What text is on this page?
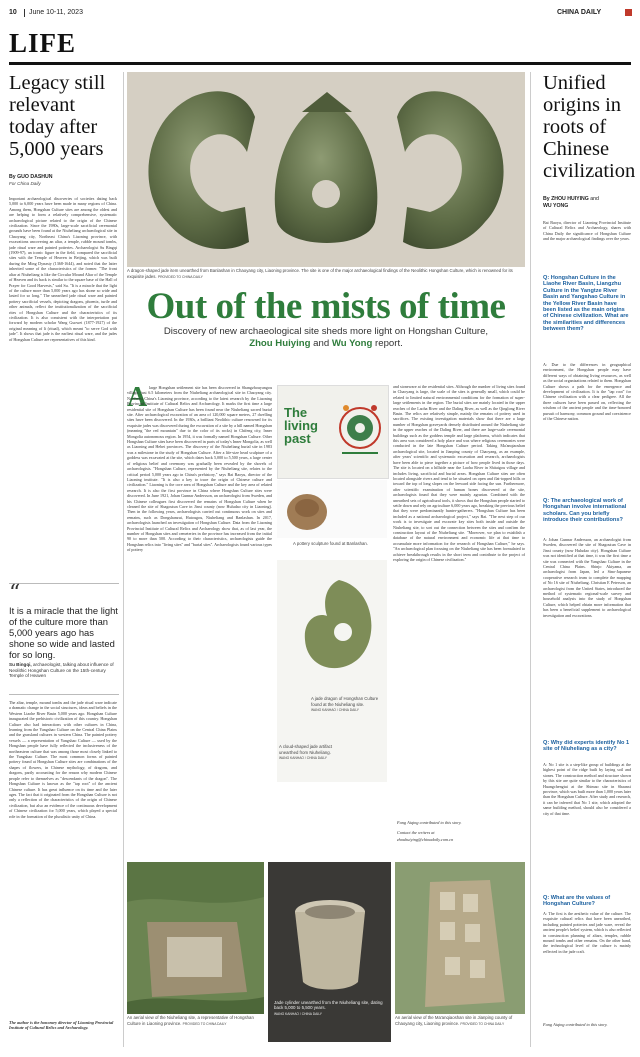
10 June 10-11, 2023	CHINA DAILY
LIFE
Legacy still relevant today after 5,000 years
By GUO DASHUN
For China Daily
Important archaeological discoveries of societies dating back 5,000 to 6,000 years have been made in many regions of China. Among them, Hongshan Culture sites are among the oldest and are helping to form a relatively comprehensive, systematic archaeological picture related to the origin of the Chinese civilization. Since the 1980s, large-scale sacrificial ceremonial grounds have been found at the Niuheliang archaeological site in Chaoyang city, Northeast China's Liaoning province, with excavations uncovering an altar, a temple, rubble mound tombs, jade ritual ware and painted potteries. Archaeologist Su Bingqi (1909-97), an iconic figure in the field, compared the sacrificial sites with the Temple of Heaven in Beijing, which was built during the Ming Dynasty (1368-1644), and noted that the latter inherited some of the characteristics of the former. "The front altar at Niuheliang is like the Circular Mound Altar of the Temple of Heaven and its back is similar to the square base of the Hall of Prayer for Good Harvests," said Su. "It is a miracle that the light of the culture more than 5,000 years ago has shone so wide and lasted for so long." The unearthed jade ritual ware and painted pottery sacrificial vessels, depicting dragons, phoenix, turtle and other animals, reflect the institutionalization of the sacrificial rites of Hongshan Culture and the characteristics of its civilization. It is also consistent with the interpretation put forward by modern scholar Wang Guowei (1877-1927) of the original meaning of li (ritual), which meant "to serve God with jade". It shows that jade is the earliest ritual ware, and the jades of Hongshan Culture are representatives of this kind.
“
It is a miracle that the light of the culture more than 5,000 years ago has shone so wide and lasted for so long.
Su Bingqi, archaeologist, talking about influence of Neolithic Hongshan Culture on the 15th-century Temple of Heaven
The altar, temple, mound tombs and the jade ritual ware indicate a dramatic change in the social structures, ideas and beliefs in the Western Liaohe River Basin 5,000 years ago. Hongshan Culture inaugurated the prehistoric civilization of this country. Hongshan Culture also had interactions with other cultures in China, learning from the Yangshao Culture on the Central China Plains and the grassland cultures in western China. The painted pottery vessels — a representation of Yangshao Culture — used by the Hongshan people have fully reflected the inclusiveness of the northeastern culture that was among those most closely linked to the Yangshao Culture. The most common forms of painted pottery found at Hongshan Culture sites are combinations of the shapes of flowers, in Chinese mythology, of dragons, and dragons, partly accounting for the reason why modern Chinese people refer to themselves as "descendants of the dragon". The Hongshan Culture is known as the "tap root" of the ancient Chinese culture. It has great influence on its time and the later ages. The fact that it originated from the Hongshan Culture is not only a reflection of the characteristics of the origin of Chinese civilization, but also an evidence of the continuous development of Chinese civilization for 5,000 years, which played a special role in the formation of the pluralistic unity of China.
The author is the honorary director of Liaoning Provincial Institute of Cultural Relics and Archaeology.
A dragon-shaped jade item unearthed from Banlashan in Chaoyang city, Liaoning province. The site is one of the major archaeological findings of the Neolithic Hongshan Culture, which is renowned for its exquisite jades. PROVIDED TO CHINA DAILY
Out of the mists of time
Discovery of new archaeological site sheds more light on Hongshan Culture,
Zhou Huiying and Wu Yong report.
A large Hongshan settlement site has been discovered in Shangzhouyangou village, just 6.5 kilometers from the Niuheliang archaeological site in Chaoyang city. Northeast China's Liaoning province, according to the latest research by the Liaoning Provincial Institute of Cultural Relics and Archaeology. It marks the first time a large residential site of Hongshan Culture has been found near the Niuheliang sacred burial site. After archaeological excavation of an area of 120,000 square meters, 27 dwelling sites have been discovered. In the 1930s, a brilliant Neolithic culture renowned for its exquisite jades was discovered during the excavation of a site by a hill named Hongshan (meaning "the red mountain" due to the color of its rocks) in Chifeng city, Inner Mongolia autonomous region. In 1954, it was formally named Hongshan Culture. Other Hongshan Culture sites have been discovered in parts of today's Inner Mongolia, as well as Liaoning and Hebei provinces. The discovery of the Niuheliang burial site in 1983 was a milestone in the study of Hongshan Culture. After a life-size head sculpture of a goddess was excavated at the site, which dates back 5,000 to 5,500 years, a large center of religious belief and ceremony was gradually been revealed by the shovels of archaeologists. "Hongshan Culture, represented by the Niuheliang site, relates to the critical period 5,000 years ago in China's prehistory," says Bai Baoyu, director of the Liaoning institute. "It is also a key to trace the origin of Chinese culture and civilization." Liaoning is the core area of Hongshan Culture and the key area of related research. It is also the first province in China where Hongshan Culture sites were discovered. In June 1921, Johan Gunnar Andersson, an archaeologist from Sweden, and his Chinese colleagues first discovered the remains of Hongshan Culture when he cleaned the site of Shagoutun Cave in Jinxi county (now Huludao city in Liaoning). Then in the following years, archaeologists carried out continuous work on sites and remains, such as Dongshanzui, Hutougou, Niuheliang and Banlashan. In 2017, archaeologists launched an investigation of Hongshan Culture. Data from the Liaoning Provincial Institute of Cultural Relics and Archaeology show that, as of last year, the number of Hongshan sites and cemeteries in the province has increased from the initial 90 to more than 500. According to their characteristics, archaeologists guide the Hongshan relics into "living sites" and "burial sites". Archaeologists found various types of pottery
The
living
past
A pottery sculpture found at Banlashan.
A jade dragon of Hongshan Culture found at the Niuheliang site.
WANG KANHAO / CHINA DAILY
A cloud-shaped jade artifact unearthed from Niuheliang.
WANG KANHAO / CHINA DAILY
and stoneware at the residential sites. Although the number of living sites found in Chaoyang is large, the scale of the sites is generally small, which could be related to limited natural environmental conditions for the formation of super-large settlements in the region. The burial sites are mainly located in the upper reaches of the Laoha River and the Daling River, as well as the Qinglong River Basin. The relics are relatively simple, mainly the remains of pottery used in sacrifices. The existing investigation materials show that there are a large number of Hongshan graveyards densely distributed around the Niuheliang site in the upper reaches of the Daling River, and there are large-scale ceremonial buildings such as the goddess temple and large platforms, which indicates that this area was considered a holy place and was where religious ceremonies were conducted in the late Hongshan Culture period. Taking Ma'anqiaoshan archaeological site, located in Jianping county of Chaoyang, as an example, after years' scientific and systematic excavation and research, archaeologists have been able to piece together a picture of how people lived in those days. The site is located on a hillside near the Laoha River in Shitaigou village and includes living, sacrificial and burial areas. Hongshan Culture sites are often located alongside rivers and tend to be situated on open and flat-topped hills or toward the top of long slopes on the leeward side facing the sun. Furthermore, after scientific examination of human bones discovered at the site, archaeologists found that they were mainly agrarian. Combined with the unearthed sets of agricultural tools, it shows that the Hongshan people started to settle down and rely on agriculture 6,000 years ago, breaking the previous belief that they were predominantly hunter-gatherers. "Hongshan Culture has been included as a national archaeological project," says Bai. "The next step of our work is to investigate and excavate key sites both inside and outside the Niuheliang site, to sort out the connection between the sites and confirm the construction layout of the Niuheliang site. "Moreover, we plan to establish a database of the natural environment and economic life at that time to accumulate more information for the research of Hongshan Culture," he says. "An archaeological plan focusing on the Niuheliang site has been formulated to achieve breakthrough results in the short term and contribute to the project of exploring the origin of Chinese civilization."
Fang Aiqing contributed to this story.
Contact the writers at
zhouhuiying@chinadaily.com.cn
An aerial view of the Niuheliang site, a representative of Hongshan Culture in Liaoning province. PROVIDED TO CHINA DAILY
Jade cylinder unearthed from the Niuheliang site, dating back 5,000 to 5,500 years.
WANG KANHAO / CHINA DAILY
An aerial view of the Ma'anqiaoshan site in Jianping county of Chaoyang city, Liaoning province. PROVIDED TO CHINA DAILY
Unified origins in roots of Chinese civilization
By ZHOU HUIYING and
WU YONG
Bai Baoyu, director of Liaoning Provincial Institute of Cultural Relics and Archaeology, shares with China Daily the significance of Hongshan Culture and the major archaeological findings over the years.
Q: Hongshan Culture in the Liaohe River Basin, Liangzhu Culture in the Yangtze River Basin and Yangshao Culture in the Yellow River Basin have been listed as the main origins of Chinese civilization. What are the similarities and differences between them?
A: Due to the differences in geographical environment, the Hongshan people may have different ways of obtaining living resources, as well as the social organizations related to them. Hongshan Culture shows a path for the emergence and development of civilization. It is the "tap root" for Chinese civilization with a clear pedigree. All the three cultures have been passed on, reflecting the wisdom of the ancient people and the time-honored pursuit of harmony, common ground and coexistence of the Chinese nation.
Q: The archaeological work of Hongshan involve international scholars. Can you briefly introduce their contributions?
A: Johan Gunnar Andersson, an archaeologist from Sweden, discovered the site of Shagoutun Cave in Jinxi county (now Huludao city). Hongshan Culture was not identified at that time, it was the first time a site was connected with the Yangshao Culture in the Central China Plains. Shinjo Akiyama, an archaeologist from Japan, led a Sino-Japanese cooperative research team to complete the mapping of No 16 site of Niuheliang. Christian E Peterson, an archaeologist from the United States, introduced the method of systematic regional-scale survey and household analysis into the study of Hongshan Culture, which helped obtain more information that has been a beneficial supplement to archaeological investigation and excavations.
Q: Why did experts identify No 1 site of Niuheliang as a city?
A: No 1 site is a step-like group of buildings at the highest point of the ridge built by laying soil and stones. The construction method and structure shown by this site are quite similar to the characteristics of Huangchengtai at the Shimao site in Shaanxi province, which was built more than 1,000 years later than the Hongshan Culture. After study and research, it can be inferred that No 1 site, which adopted the same building method, should also be considered a city of that time.
Q: What are the values of Hongshan Culture?
A: The first is the aesthetic value of the culture. The exquisite cultural relics that have been unearthed, including painted potteries and jade ware, reveal the ancient people's belief system, which is also reflected in construction planning of altars, temples, rubble mound tombs and other remains. On the other hand, the technological level of the culture is mainly reflected in the jade craft.
Fang Aiqing contributed to this story.
